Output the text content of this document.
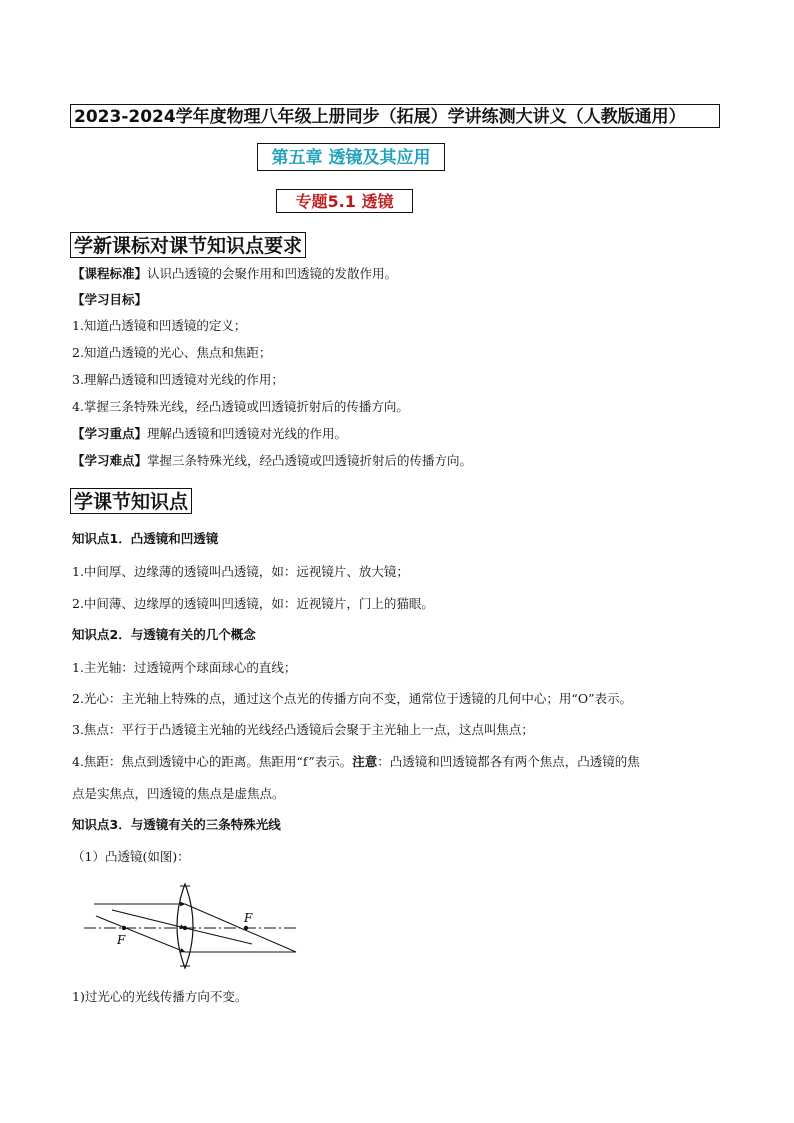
2023-2024学年度物理八年级上册同步（拓展）学讲练测大讲义（人教版通用）
第五章 透镜及其应用
专题5.1 透镜
学新课标对课节知识点要求
【课程标准】认识凸透镜的会聚作用和凹透镜的发散作用。
【学习目标】
1.知道凸透镜和凹透镜的定义；
2.知道凸透镜的光心、焦点和焦距；
3.理解凸透镜和凹透镜对光线的作用；
4.掌握三条特殊光线，经凸透镜或凹透镜折射后的传播方向。
【学习重点】理解凸透镜和凹透镜对光线的作用。
【学习难点】掌握三条特殊光线，经凸透镜或凹透镜折射后的传播方向。
学课节知识点
知识点1．凸透镜和凹透镜
1.中间厚、边缘薄的透镜叫凸透镜，如：远视镜片、放大镜；
2.中间薄、边缘厚的透镜叫凹透镜，如：近视镜片，门上的猫眼。
知识点2．与透镜有关的几个概念
1.主光轴：过透镜两个球面球心的直线；
2.光心：主光轴上特殊的点，通过这个点光的传播方向不变，通常位于透镜的几何中心；用“O”表示。
3.焦点：平行于凸透镜主光轴的光线经凸透镜后会聚于主光轴上一点，这点叫焦点；
4.焦距：焦点到透镜中心的距离。焦距用“f”表示。注意：凸透镜和凹透镜都各有两个焦点，凸透镜的焦
点是实焦点，凹透镜的焦点是虚焦点。
知识点3．与透镜有关的三条特殊光线
（1）凸透镜(如图)：
F
F
1)过光心的光线传播方向不变。
